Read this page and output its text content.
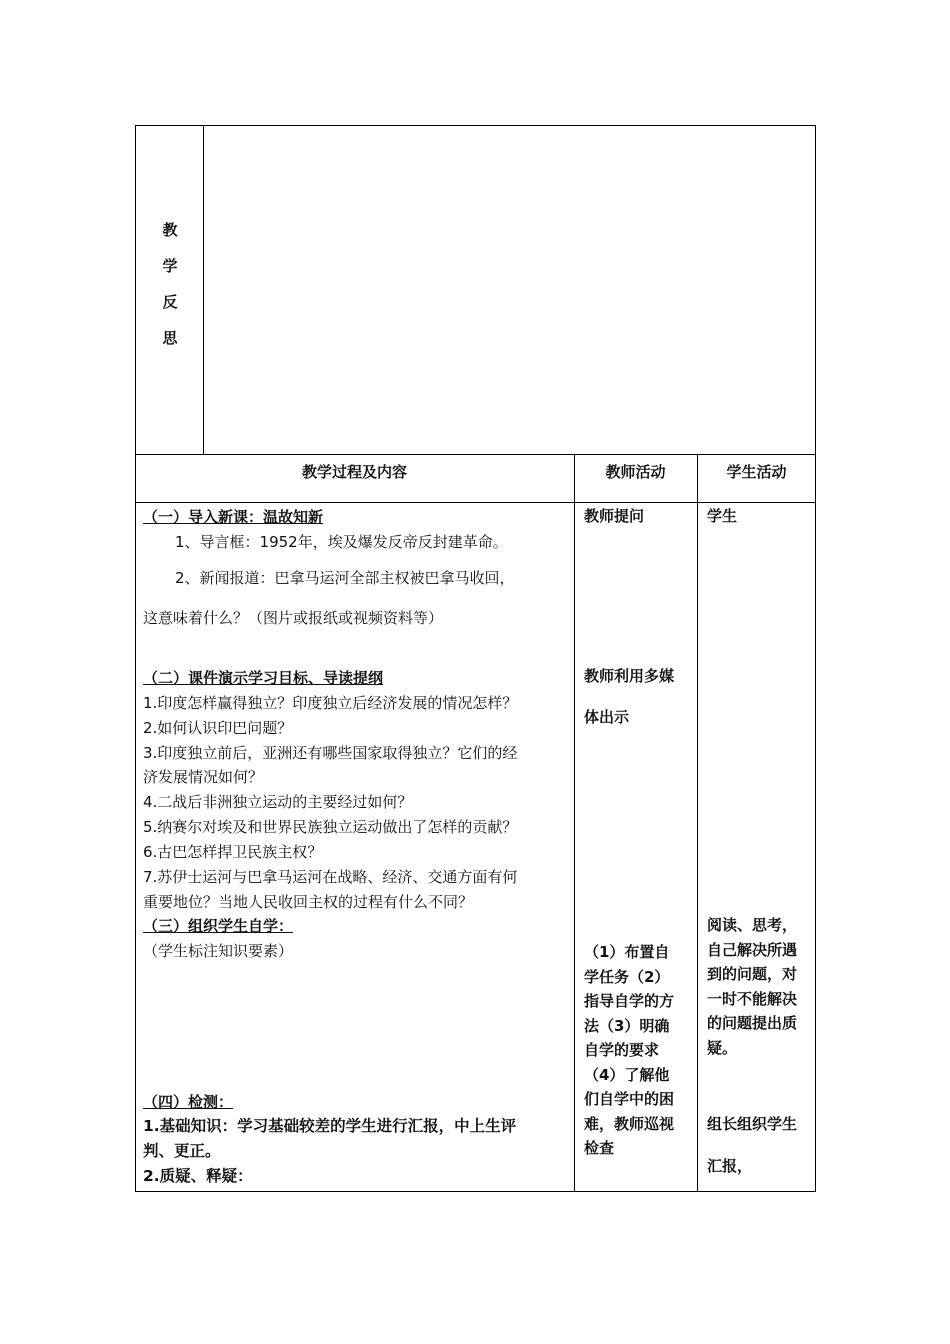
教
学
反
思
教学过程及内容	教师活动	学生活动
（一）导入新课：温故知新
1、导言框：1952年，埃及爆发反帝反封建革命。
2、新闻报道：巴拿马运河全部主权被巴拿马收回，
这意味着什么？（图片或报纸或视频资料等）
（二）课件演示学习目标、导读提纲
1.印度怎样赢得独立？印度独立后经济发展的情况怎样？
2.如何认识印巴问题？
3.印度独立前后，亚洲还有哪些国家取得独立？它们的经
济发展情况如何？
4.二战后非洲独立运动的主要经过如何？
5.纳赛尔对埃及和世界民族独立运动做出了怎样的贡献？
6.古巴怎样捍卫民族主权？
7.苏伊士运河与巴拿马运河在战略、经济、交通方面有何
重要地位？当地人民收回主权的过程有什么不同？
（三）组织学生自学：
（学生标注知识要素）
（四）检测：
1.基础知识：学习基础较差的学生进行汇报，中上生评
判、更正。
2.质疑、释疑：
教师提问
教师利用多媒
体出示
（1）布置自
学任务（2）
指导自学的方
法（3）明确
自学的要求
（4）了解他
们自学中的困
难，教师巡视
检查
学生
阅读、思考，
自己解决所遇
到的问题，对
一时不能解决
的问题提出质
疑。
组长组织学生
汇报，
